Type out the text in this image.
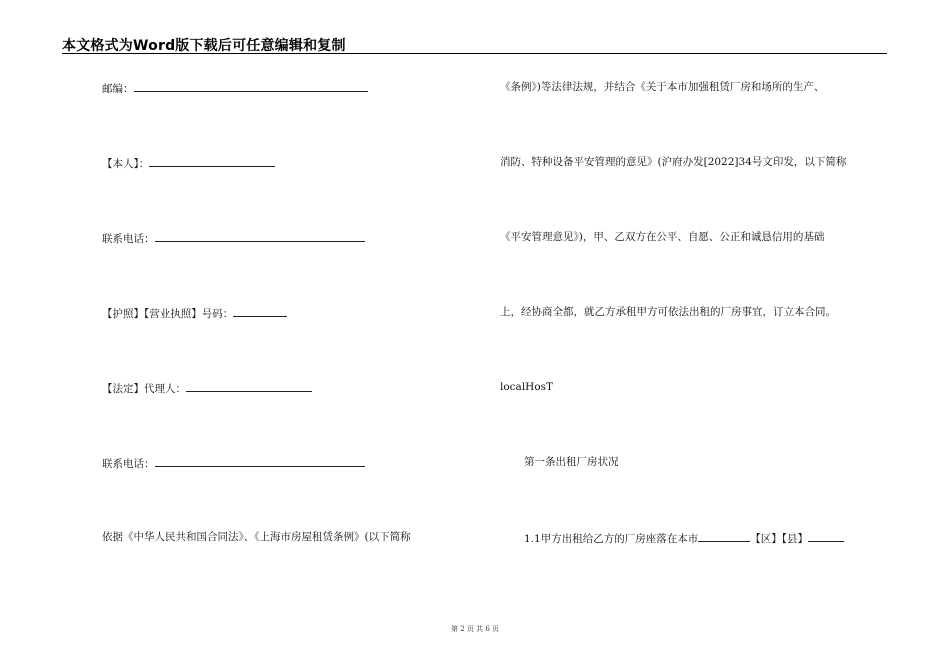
本文格式为Word版下载后可任意编辑和复制
邮编：
【本人】：
联系电话：
【护照】【营业执照】号码：
【法定】代理人：
联系电话：
依据《中华人民共和国合同法》、《上海市房屋租赁条例》(以下简称
《条例》)等法律法规，并结合《关于本市加强租赁厂房和场所的生产、
消防、特种设备平安管理的意见》(沪府办发[2022]34号文印发，以下简称
《平安管理意见》)，甲、乙双方在公平、自愿、公正和诚恳信用的基础
上，经协商全都，就乙方承租甲方可依法出租的厂房事宜，订立本合同。
localHosT
第一条出租厂房状况
1.1甲方出租给乙方的厂房座落在本市	【区】【县】
第 2 页 共 6 页
